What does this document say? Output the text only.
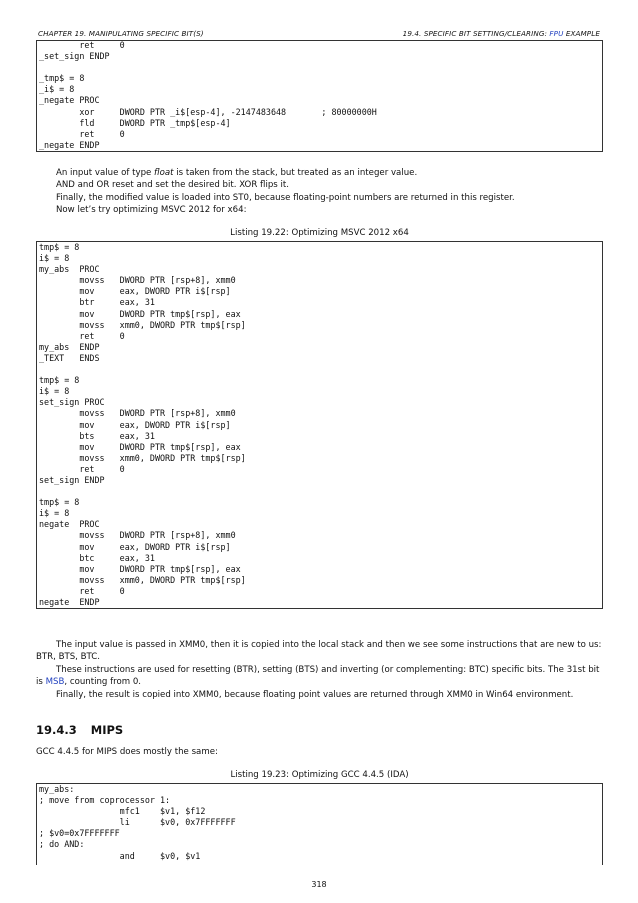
CHAPTER 19. MANIPULATING SPECIFIC BIT(S)	19.4. SPECIFIC BIT SETTING/CLEARING: FPU EXAMPLE
ret     0
_set_sign ENDP
_tmp$ = 8
_i$ = 8
_negate PROC
xor     DWORD PTR _i$[esp-4], -2147483648       ; 80000000H
fld     DWORD PTR _tmp$[esp-4]
ret     0
_negate ENDP

An input value of type float is taken from the stack, but treated as an integer value.

AND and OR reset and set the desired bit. XOR flips it.

Finally, the modified value is loaded into ST0, because floating-point numbers are returned in this register.

Now let’s try optimizing MSVC 2012 for x64:

Listing 19.22: Optimizing MSVC 2012 x64
tmp$ = 8
i$ = 8
my_abs  PROC
movss   DWORD PTR [rsp+8], xmm0
mov     eax, DWORD PTR i$[rsp]
btr     eax, 31
mov     DWORD PTR tmp$[rsp], eax
movss   xmm0, DWORD PTR tmp$[rsp]
ret     0
my_abs  ENDP
_TEXT   ENDS
tmp$ = 8
i$ = 8
set_sign PROC
movss   DWORD PTR [rsp+8], xmm0
mov     eax, DWORD PTR i$[rsp]
bts     eax, 31
mov     DWORD PTR tmp$[rsp], eax
movss   xmm0, DWORD PTR tmp$[rsp]
ret     0
set_sign ENDP
tmp$ = 8
i$ = 8
negate  PROC
movss   DWORD PTR [rsp+8], xmm0
mov     eax, DWORD PTR i$[rsp]
btc     eax, 31
mov     DWORD PTR tmp$[rsp], eax
movss   xmm0, DWORD PTR tmp$[rsp]
ret     0
negate  ENDP

The input value is passed in XMM0, then it is copied into the local stack and then we see some instructions that are new to us: BTR, BTS, BTC.

These instructions are used for resetting (BTR), setting (BTS) and inverting (or complementing: BTC) specific bits. The 31st bit is MSB, counting from 0.

Finally, the result is copied into XMM0, because floating point values are returned through XMM0 in Win64 environment.

19.4.3 MIPS
GCC 4.4.5 for MIPS does mostly the same:
Listing 19.23: Optimizing GCC 4.4.5 (IDA)
my_abs:
; move from coprocessor 1:
mfc1    $v1, $f12
li      $v0, 0x7FFFFFFF
; $v0=0x7FFFFFFF
; do AND:
and     $v0, $v1
318
